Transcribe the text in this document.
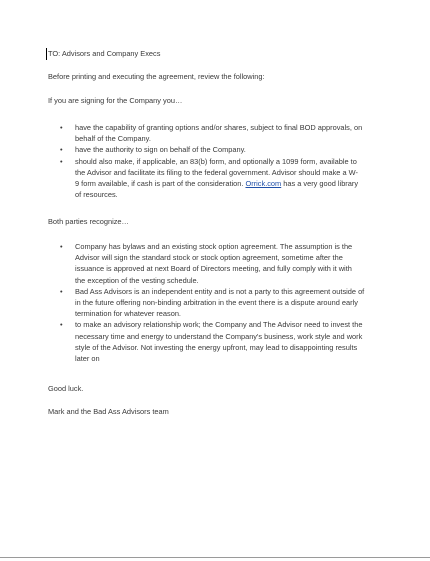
TO: Advisors and Company Execs

Before printing and executing the agreement, review the following:

If you are signing for the Company you…

• have the capability of granting options and/or shares, subject to final BOD approvals, on
behalf of the Company.
• have the authority to sign on behalf of the Company.
• should also make, if applicable, an 83(b) form, and optionally a 1099 form, available to
the Advisor and facilitate its filing to the federal government. Advisor should make a W-
9 form available, if cash is part of the consideration. Orrick.com has a very good library
of resources.

Both parties recognize…

• Company has bylaws and an existing stock option agreement. The assumption is the
Advisor will sign the standard stock or stock option agreement, sometime after the
issuance is approved at next Board of Directors meeting, and fully comply with it with
the exception of the vesting schedule.
• Bad Ass Advisors is an independent entity and is not a party to this agreement outside of
in the future offering non-binding arbitration in the event there is a dispute around early
termination for whatever reason.
• to make an advisory relationship work; the Company and The Advisor need to invest the
necessary time and energy to understand the Company's business, work style and work
style of the Advisor. Not investing the energy upfront, may lead to disappointing results
later on

Good luck.

Mark and the Bad Ass Advisors team
